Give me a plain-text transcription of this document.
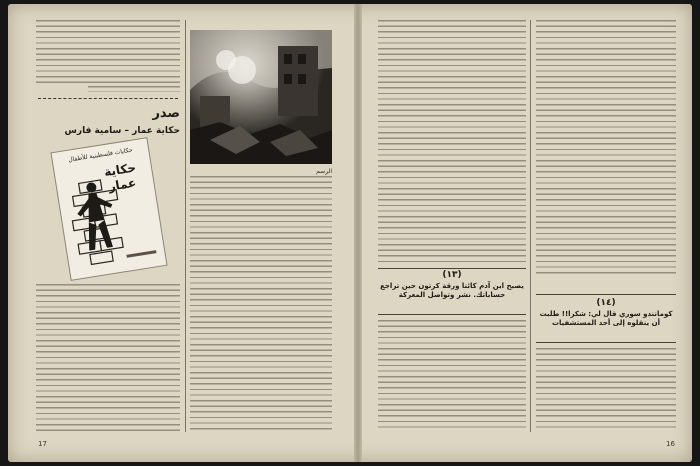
صدر
حكاية عمار – سامية فارس
حكايات فلسطينية للأطفال
حكاية
عمار
الرسم
17
(١٣)
يصبح ابن آدم كائنا ورقة كرتون حين تراجع حساباتك. نشر وتواصل المعركة
(١٤)
كومانندو سوري قال لي: شكرا!! طلبت أن ينقلوه إلى أحد المستشفيات
16
